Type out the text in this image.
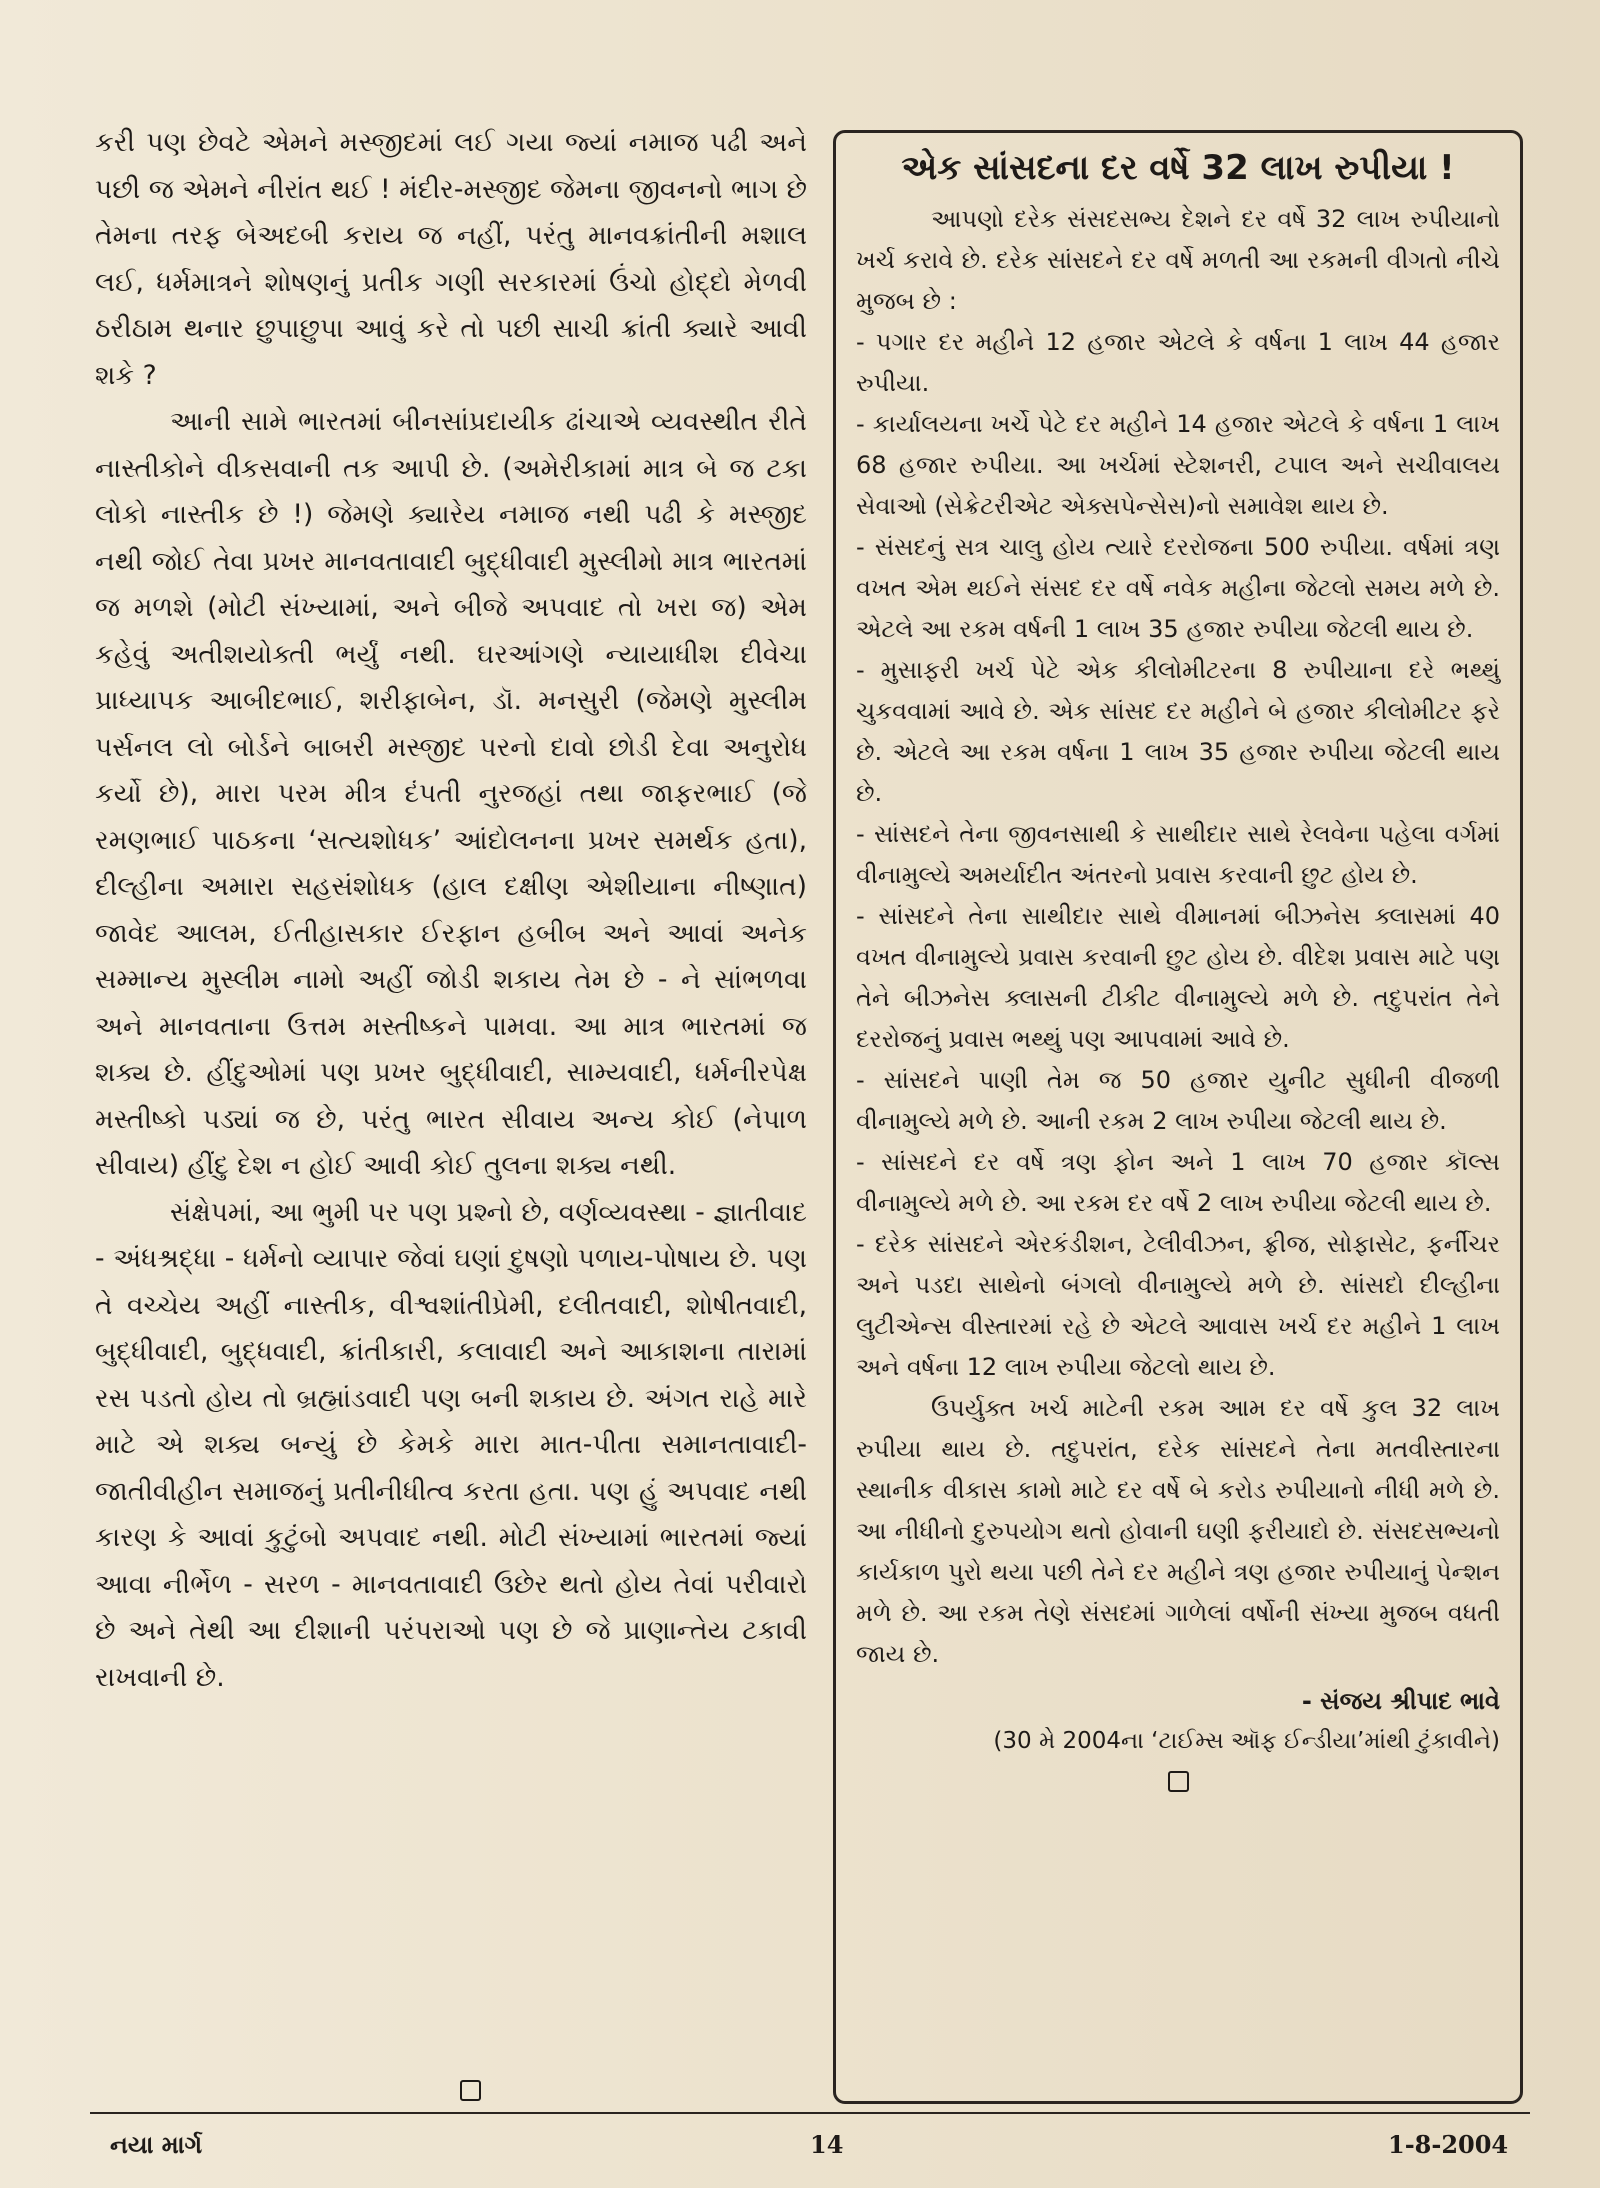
કરી પણ છેવટે એમને મસ્જીદમાં લઈ ગયા જ્યાં નમાજ પઢી અને પછી જ એમને નીરાંત થઈ ! મંદીર-મસ્જીદ જેમના જીવનનો ભાગ છે તેમના તરફ બેઅદબી કરાય જ નહીં, પરંતુ માનવક્રાંતીની મશાલ લઈ, ધર્મમાત્રને શોષણનું પ્રતીક ગણી સરકારમાં ઉંચો હોદ્દો મેળવી ઠરીઠામ થનાર છુપાછુપા આવું કરે તો પછી સાચી ક્રાંતી ક્યારે આવી શકે ?

આની સામે ભારતમાં બીનસાંપ્રદાયીક ઢાંચાએ વ્યવસ્થીત રીતે નાસ્તીકોને વીકસવાની તક આપી છે. (અમેરીકામાં માત્ર બે જ ટકા લોકો નાસ્તીક છે !) જેમણે ક્યારેય નમાજ નથી પઢી કે મસ્જીદ નથી જોઈ તેવા પ્રખર માનવતાવાદી બુદ્ધીવાદી મુસ્લીમો માત્ર ભારતમાં જ મળશે (મોટી સંખ્યામાં, અને બીજે અપવાદ તો ખરા જ) એમ કહેવું અતીશયોક્તી ભર્યું નથી. ઘરઆંગણે ન્યાયાધીશ દીવેચા પ્રાધ્યાપક આબીદભાઈ, શરીફાબેન, ડૉ. મનસુરી (જેમણે મુસ્લીમ પર્સનલ લો બોર્ડને બાબરી મસ્જીદ પરનો દાવો છોડી દેવા અનુરોધ કર્યો છે), મારા પરમ મીત્ર દંપતી નુરજહાં તથા જાફરભાઈ (જે રમણભાઈ પાઠકના ‘સત્યશોધક’ આંદોલનના પ્રખર સમર્થક હતા), દીલ્હીના અમારા સહસંશોધક (હાલ દક્ષીણ એશીયાના નીષ્ણાત) જાવેદ આલમ, ઈતીહાસકાર ઈરફાન હબીબ અને આવાં અનેક સમ્માન્ય મુસ્લીમ નામો અહીં જોડી શકાય તેમ છે - ને સાંભળવા અને માનવતાના ઉત્તમ મસ્તીષ્કને પામવા. આ માત્ર ભારતમાં જ શક્ય છે. હીંદુઓમાં પણ પ્રખર બુદ્ધીવાદી, સામ્યવાદી, ધર્મનીરપેક્ષ મસ્તીષ્કો પડ્યાં જ છે, પરંતુ ભારત સીવાય અન્ય કોઈ (નેપાળ સીવાય) હીંદુ દેશ ન હોઈ આવી કોઈ તુલના શક્ય નથી.

સંક્ષેપમાં, આ ભુમી પર પણ પ્રશ્નો છે, વર્ણવ્યવસ્થા - જ્ઞાતીવાદ - અંધશ્રદ્ધા - ધર્મનો વ્યાપાર જેવાં ઘણાં દુષણો પળાય-પોષાય છે. પણ તે વચ્ચેય અહીં નાસ્તીક, વીશ્વશાંતીપ્રેમી, દલીતવાદી, શોષીતવાદી, બુદ્ધીવાદી, બુદ્ધવાદી, ક્રાંતીકારી, કલાવાદી અને આકાશના તારામાં રસ પડતો હોય તો બ્રહ્માંડવાદી પણ બની શકાય છે. અંગત રાહે મારે માટે એ શક્ય બન્યું છે કેમકે મારા માત-પીતા સમાનતાવાદી-જાતીવીહીન સમાજનું પ્રતીનીધીત્વ કરતા હતા. પણ હું અપવાદ નથી કારણ કે આવાં કુટુંબો અપવાદ નથી. મોટી સંખ્યામાં ભારતમાં જ્યાં આવા નીર્ભેળ - સરળ - માનવતાવાદી ઉછેર થતો હોય તેવાં પરીવારો છે અને તેથી આ દીશાની પરંપરાઓ પણ છે જે પ્રાણાન્તેય ટકાવી રાખવાની છે.

એક સાંસદના દર વર્ષે 32 લાખ રુપીયા !

આપણો દરેક સંસદસભ્ય દેશને દર વર્ષે 32 લાખ રુપીયાનો ખર્ચ કરાવે છે. દરેક સાંસદને દર વર્ષે મળતી આ રકમની વીગતો નીચે મુજબ છે :

- પગાર દર મહીને 12 હજાર એટલે કે વર્ષના 1 લાખ 44 હજાર રુપીયા.

- કાર્યાલયના ખર્ચે પેટે દર મહીને 14 હજાર એટલે કે વર્ષના 1 લાખ 68 હજાર રુપીયા. આ ખર્ચમાં સ્ટેશનરી, ટપાલ અને સચીવાલય સેવાઓ (સેક્રેટરીએટ એક્સપેન્સેસ)નો સમાવેશ થાય છે.

- સંસદનું સત્ર ચાલુ હોય ત્યારે દરરોજના 500 રુપીયા. વર્ષમાં ત્રણ વખત એમ થઈને સંસદ દર વર્ષે નવેક મહીના જેટલો સમય મળે છે. એટલે આ રકમ વર્ષની 1 લાખ 35 હજાર રુપીયા જેટલી થાય છે.

- મુસાફરી ખર્ચ પેટે એક કીલોમીટરના 8 રુપીયાના દરે ભથ્થું ચુકવવામાં આવે છે. એક સાંસદ દર મહીને બે હજાર કીલોમીટર ફરે છે. એટલે આ રકમ વર્ષના 1 લાખ 35 હજાર રુપીયા જેટલી થાય છે.

- સાંસદને તેના જીવનસાથી કે સાથીદાર સાથે રેલવેના પહેલા વર્ગમાં વીનામુલ્યે અમર્યાદીત અંતરનો પ્રવાસ કરવાની છુટ હોય છે.

- સાંસદને તેના સાથીદાર સાથે વીમાનમાં બીઝનેસ ક્લાસમાં 40 વખત વીનામુલ્યે પ્રવાસ કરવાની છુટ હોય છે. વીદેશ પ્રવાસ માટે પણ તેને બીઝનેસ ક્લાસની ટીકીટ વીનામુલ્યે મળે છે. તદુપરાંત તેને દરરોજનું પ્રવાસ ભથ્થું પણ આપવામાં આવે છે.

- સાંસદને પાણી તેમ જ 50 હજાર યુનીટ સુધીની વીજળી વીનામુલ્યે મળે છે. આની રકમ 2 લાખ રુપીયા જેટલી થાય છે.

- સાંસદને દર વર્ષે ત્રણ ફોન અને 1 લાખ 70 હજાર કૉલ્સ વીનામુલ્યે મળે છે. આ રકમ દર વર્ષે 2 લાખ રુપીયા જેટલી થાય છે.

- દરેક સાંસદને એરકંડીશન, ટેલીવીઝન, ફ્રીજ, સોફાસેટ, ફર્નીચર અને પડદા સાથેનો બંગલો વીનામુલ્યે મળે છે. સાંસદો દીલ્હીના લુટીએન્સ વીસ્તારમાં રહે છે એટલે આવાસ ખર્ચ દર મહીને 1 લાખ અને વર્ષના 12 લાખ રુપીયા જેટલો થાય છે.

ઉપર્યુક્ત ખર્ચ માટેની રકમ આમ દર વર્ષે કુલ 32 લાખ રુપીયા થાય છે. તદુપરાંત, દરેક સાંસદને તેના મતવીસ્તારના સ્થાનીક વીકાસ કામો માટે દર વર્ષે બે કરોડ રુપીયાનો નીધી મળે છે. આ નીધીનો દુરુપયોગ થતો હોવાની ઘણી ફરીયાદો છે. સંસદસભ્યનો કાર્યકાળ પુરો થયા પછી તેને દર મહીને ત્રણ હજાર રુપીયાનું પેન્શન મળે છે. આ રકમ તેણે સંસદમાં ગાળેલાં વર્ષોની સંખ્યા મુજબ વધતી જાય છે.

- સંજય શ્રીપાદ ભાવે
(30 મે 2004ના ‘ટાઈમ્સ ઑફ ઈન્ડીયા’માંથી ટુંકાવીને)
નયા માર્ગ	14	1-8-2004
